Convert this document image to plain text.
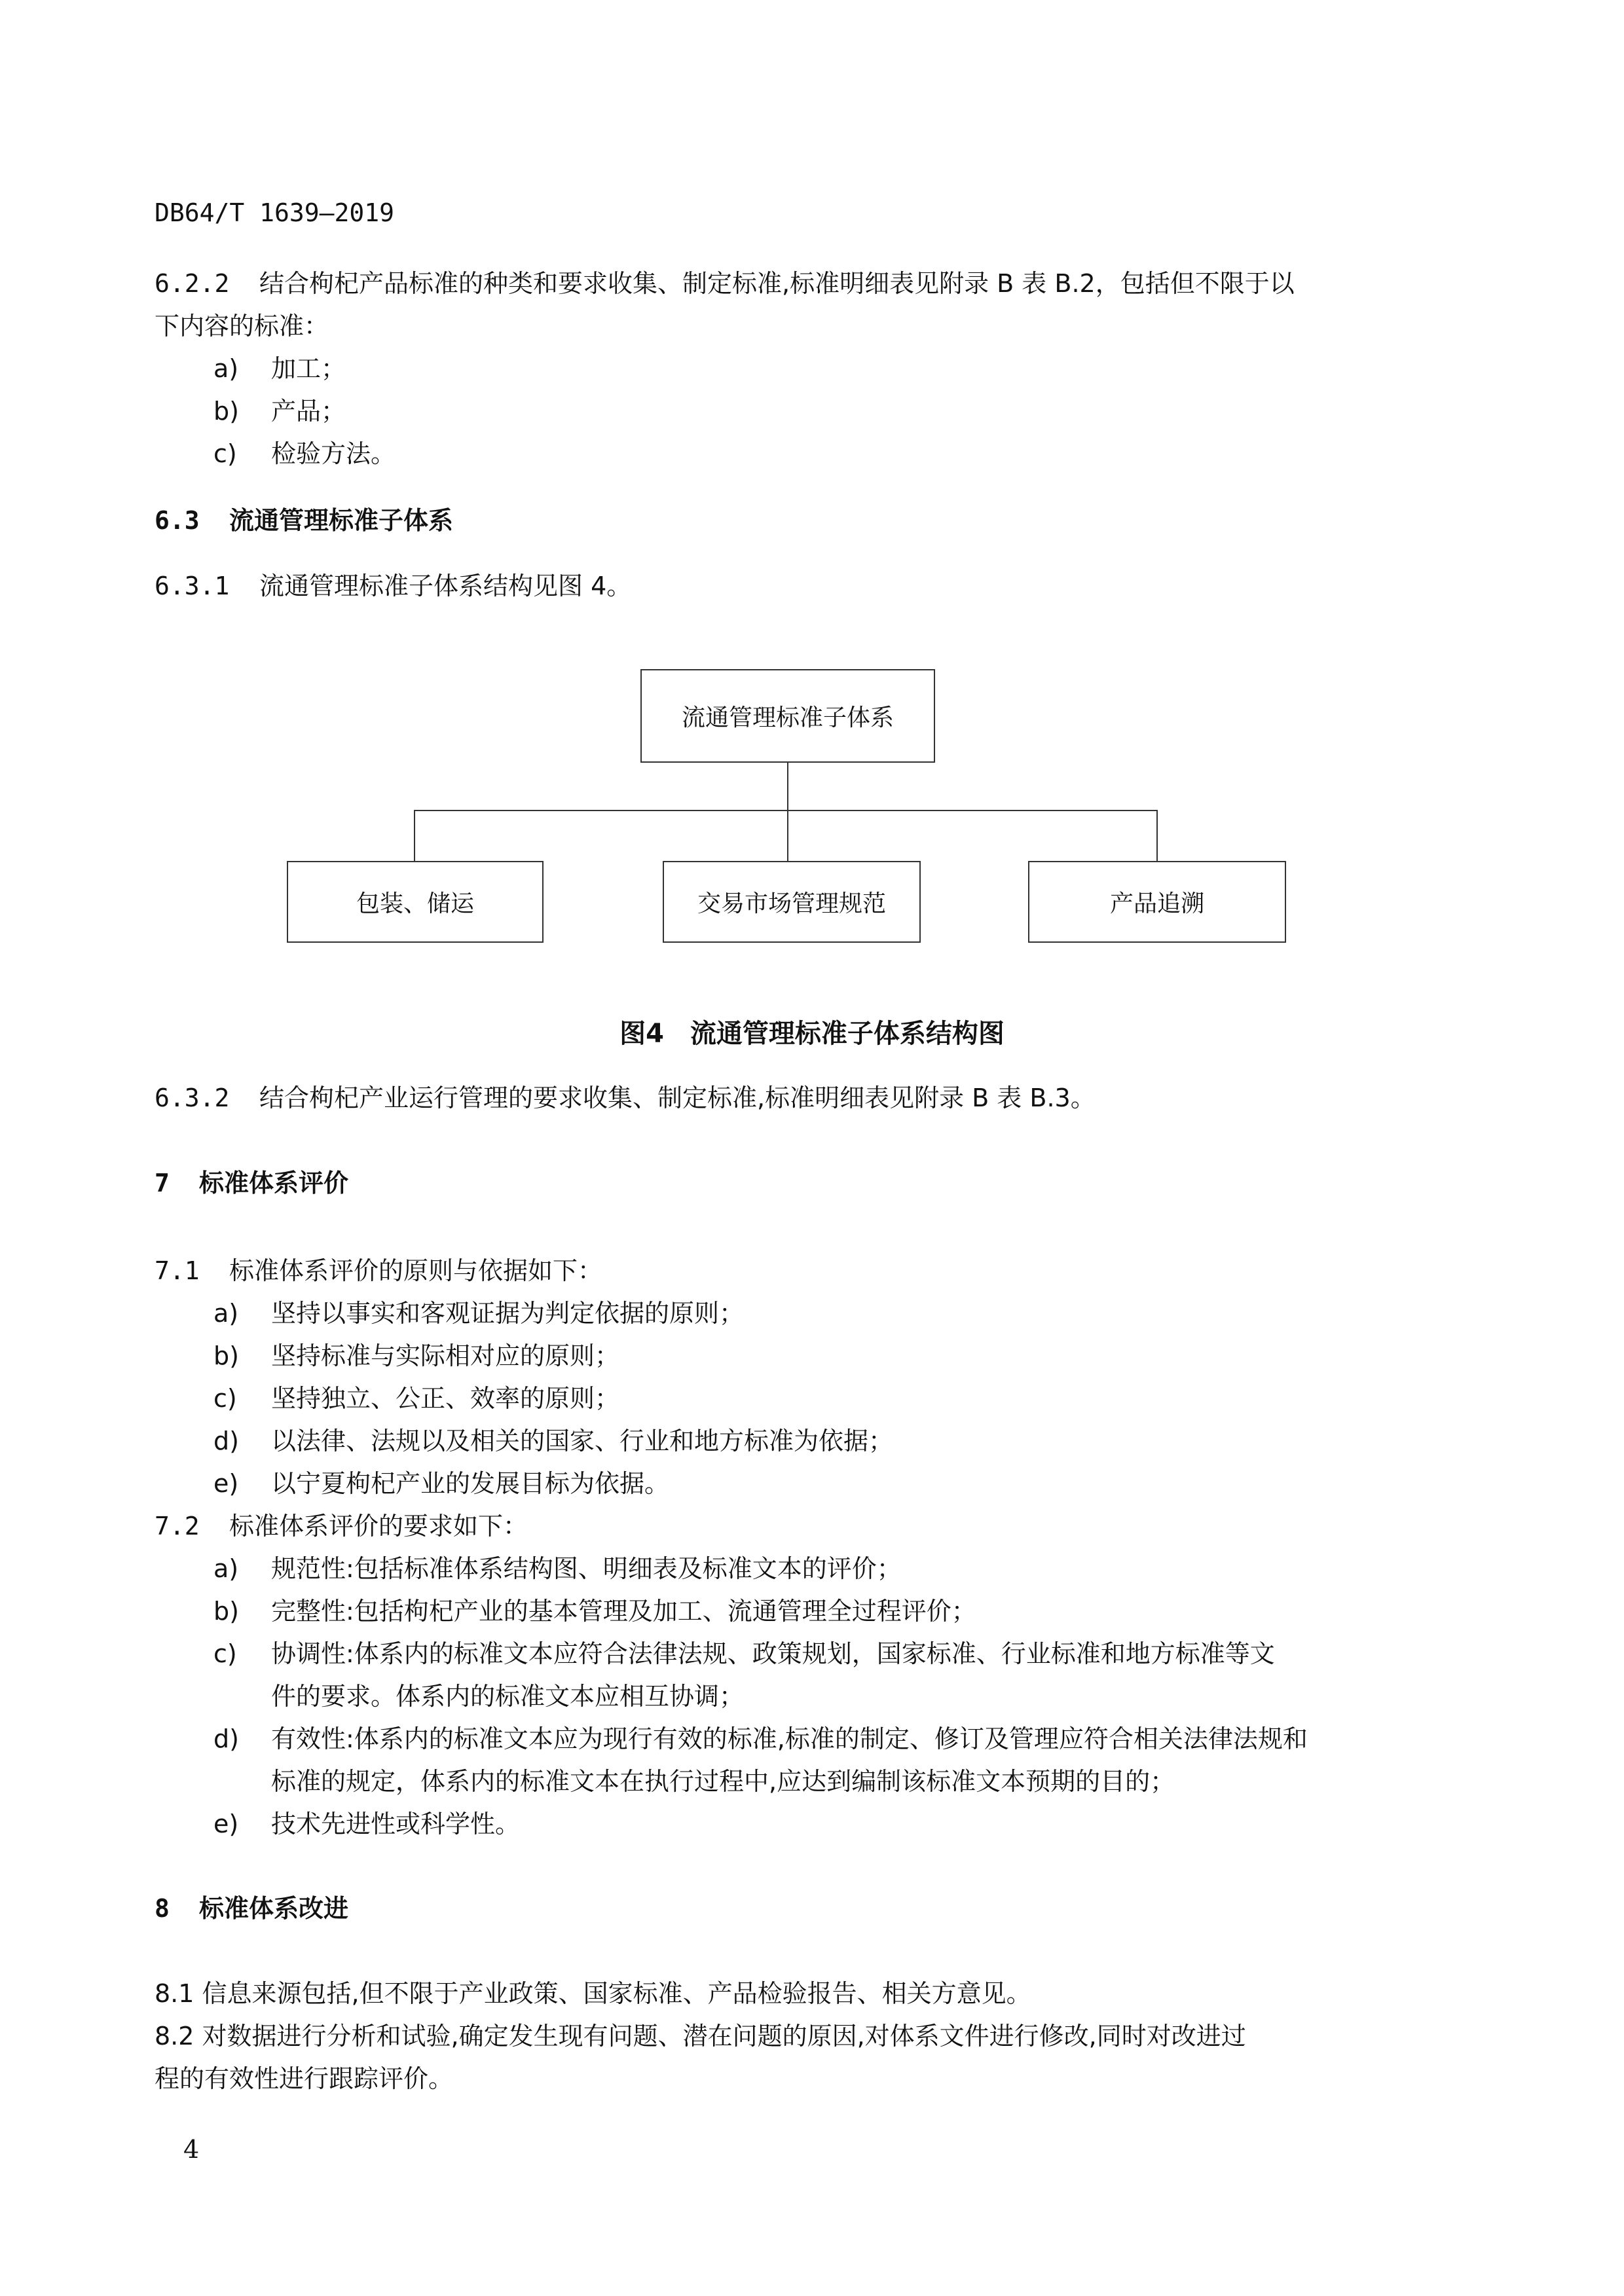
DB64/T 1639—2019
6.2.2 结合枸杞产品标准的种类和要求收集、制定标准,标准明细表见附录 B 表 B.2，包括但不限于以
下内容的标准：
a)	加工；
b)	产品；
c)	检验方法。
6.3 流通管理标准子体系
6.3.1 流通管理标准子体系结构见图 4。
流通管理标准子体系
包装、储运	交易市场管理规范	产品追溯
图4　流通管理标准子体系结构图
6.3.2 结合枸杞产业运行管理的要求收集、制定标准,标准明细表见附录 B 表 B.3。
7 标准体系评价
7.1 标准体系评价的原则与依据如下：
a)	坚持以事实和客观证据为判定依据的原则；
b)	坚持标准与实际相对应的原则；
c)	坚持独立、公正、效率的原则；
d)	以法律、法规以及相关的国家、行业和地方标准为依据；
e)	以宁夏枸杞产业的发展目标为依据。
7.2 标准体系评价的要求如下：
a)	规范性:包括标准体系结构图、明细表及标准文本的评价；
b)	完整性:包括枸杞产业的基本管理及加工、流通管理全过程评价；
c)	协调性:体系内的标准文本应符合法律法规、政策规划，国家标准、行业标准和地方标准等文
件的要求。体系内的标准文本应相互协调；
d)	有效性:体系内的标准文本应为现行有效的标准,标准的制定、修订及管理应符合相关法律法规和
标准的规定，体系内的标准文本在执行过程中,应达到编制该标准文本预期的目的；
e)	技术先进性或科学性。
8 标准体系改进
8.1 信息来源包括,但不限于产业政策、国家标准、产品检验报告、相关方意见。
8.2 对数据进行分析和试验,确定发生现有问题、潜在问题的原因,对体系文件进行修改,同时对改进过
程的有效性进行跟踪评价。
4
